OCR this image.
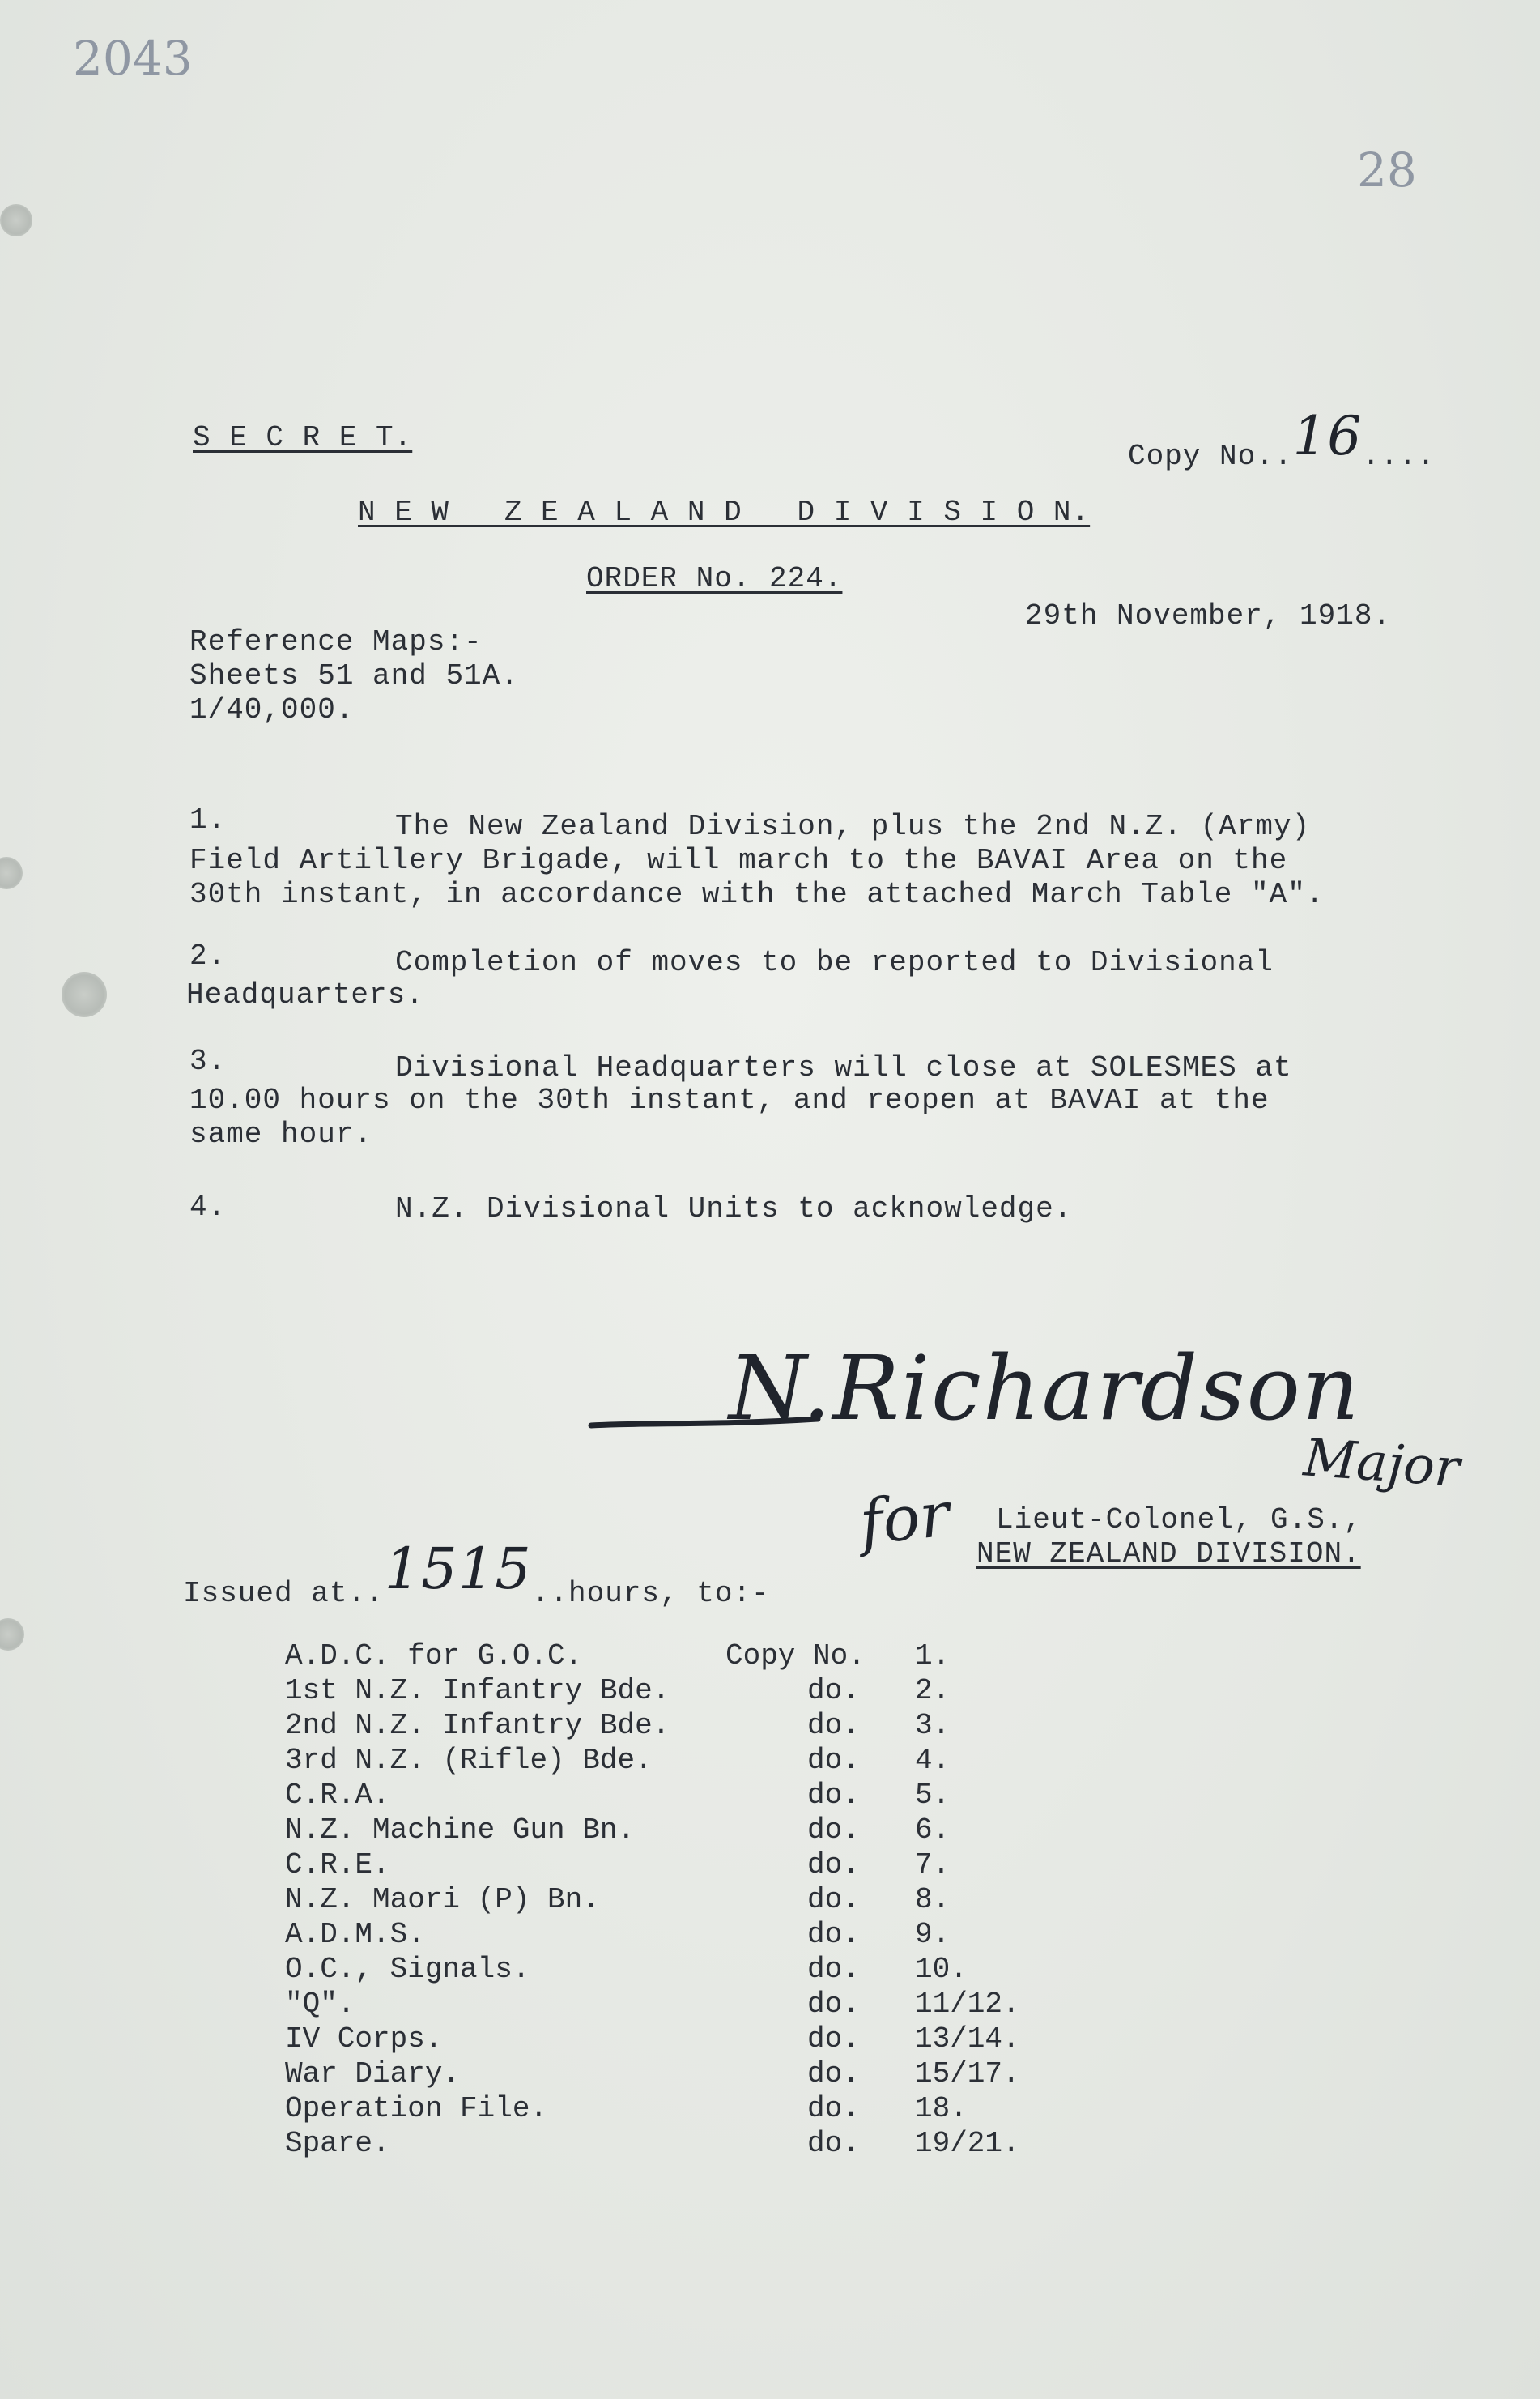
2043
28
S E C R E T.
Copy No..16....
N E W   Z E A L A N D   D I V I S I O N.
ORDER No. 224.
29th November, 1918.
Reference Maps:-
Sheets 51 and 51A.
1/40,000.
1.	The New Zealand Division, plus the 2nd N.Z. (Army)
Field Artillery Brigade, will march to the BAVAI Area on the
30th instant, in accordance with the attached March Table "A".
2.	Completion of moves to be reported to Divisional
Headquarters.
3.	Divisional Headquarters will close at SOLESMES at
10.00 hours on the 30th instant, and reopen at BAVAI at the
same hour.
4.	N.Z. Divisional Units to acknowledge.
N.Richardson
Major
for Lieut-Colonel, G.S.,
NEW ZEALAND DIVISION.
Issued at..1515..hours, to:-
A.D.C. for G.O.C.	Copy No. 1.
1st N.Z. Infantry Bde.	do. 2.
2nd N.Z. Infantry Bde.	do. 3.
3rd N.Z. (Rifle) Bde.	do. 4.
C.R.A.	do. 5.
N.Z. Machine Gun Bn.	do. 6.
C.R.E.	do. 7.
N.Z. Maori (P) Bn.	do. 8.
A.D.M.S.	do. 9.
O.C., Signals.	do. 10.
"Q".	do. 11/12.
IV Corps.	do. 13/14.
War Diary.	do. 15/17.
Operation File.	do. 18.
Spare.	do. 19/21.
